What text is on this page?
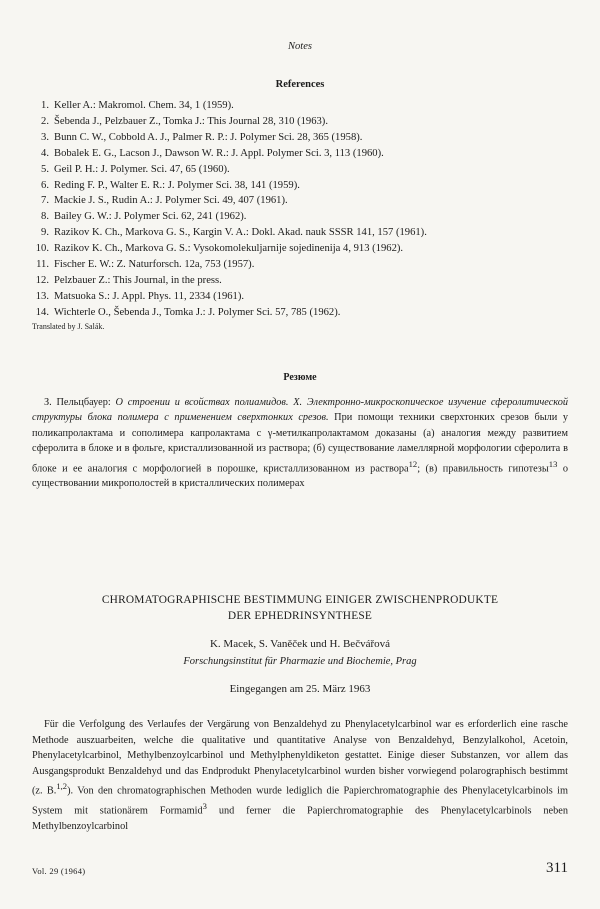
Notes
References
1. Keller A.: Makromol. Chem. 34, 1 (1959).
2. Šebenda J., Pelzbauer Z., Tomka J.: This Journal 28, 310 (1963).
3. Bunn C. W., Cobbold A. J., Palmer R. P.: J. Polymer Sci. 28, 365 (1958).
4. Bobalek E. G., Lacson J., Dawson W. R.: J. Appl. Polymer Sci. 3, 113 (1960).
5. Geil P. H.: J. Polymer. Sci. 47, 65 (1960).
6. Reding F. P., Walter E. R.: J. Polymer Sci. 38, 141 (1959).
7. Mackie J. S., Rudin A.: J. Polymer Sci. 49, 407 (1961).
8. Bailey G. W.: J. Polymer Sci. 62, 241 (1962).
9. Razikov K. Ch., Markova G. S., Kargin V. A.: Dokl. Akad. nauk SSSR 141, 157 (1961).
10. Razikov K. Ch., Markova G. S.: Vysokomolekuljarnije sojedinenija 4, 913 (1962).
11. Fischer E. W.: Z. Naturforsch. 12a, 753 (1957).
12. Pelzbauer Z.: This Journal, in the press.
13. Matsuoka S.: J. Appl. Phys. 11, 2334 (1961).
14. Wichterle O., Šebenda J., Tomka J.: J. Polymer Sci. 57, 785 (1962).
Translated by J. Salák.
Резюме

З. Пельцбауер: О строении и всойствах полиамидов. X. Электронно-микроскопическое изучение сферолитической структуры блока полимера с применением сверхтонких срезов. При помощи техники сверхтонких срезов были у поликапролактама и сополимера капролактама с γ-метилкапролактамом доказаны (а) аналогия между развитием сферолита в блоке и в фольге, кристаллизованной из раствора; (б) существование ламеллярной морфологии сферолита в блоке и ее аналогия с морфологией в порошке, кристаллизованном из раствора$^{12}$; (в) правильность гипотезы$^{13}$ о существовании микрополостей в кристаллических полимерах

CHROMATOGRAPHISCHE BESTIMMUNG EINIGER ZWISCHENPRODUKTE
DER EPHEDRINSYNTHESE
K. Macek, S. Vaněček und H. Bečvářová
Forschungsinstitut für Pharmazie und Biochemie, Prag
Eingegangen am 25. März 1963

Für die Verfolgung des Verlaufes der Vergärung von Benzaldehyd zu Phenylacetylcarbinol war es erforderlich eine rasche Methode auszuarbeiten, welche die qualitative und quantitative Analyse von Benzaldehyd, Benzylalkohol, Acetoin, Phenylacetylcarbinol, Methylbenzoylcarbinol und Methylphenyldiketon gestattet. Einige dieser Substanzen, vor allem das Ausgangsprodukt Benzaldehyd und das Endprodukt Phenylacetylcarbinol wurden bisher vorwiegend polarographisch bestimmt (z. B.$^{1,2}$). Von den chromatographischen Methoden wurde lediglich die Papierchromatographie des Phenylacetylcarbinols im System mit stationärem Formamid$^3$ und ferner die Papierchromatographie des Phenylacetylcarbinols neben Methylbenzoylcarbinol

Vol. 29 (1964)	311
